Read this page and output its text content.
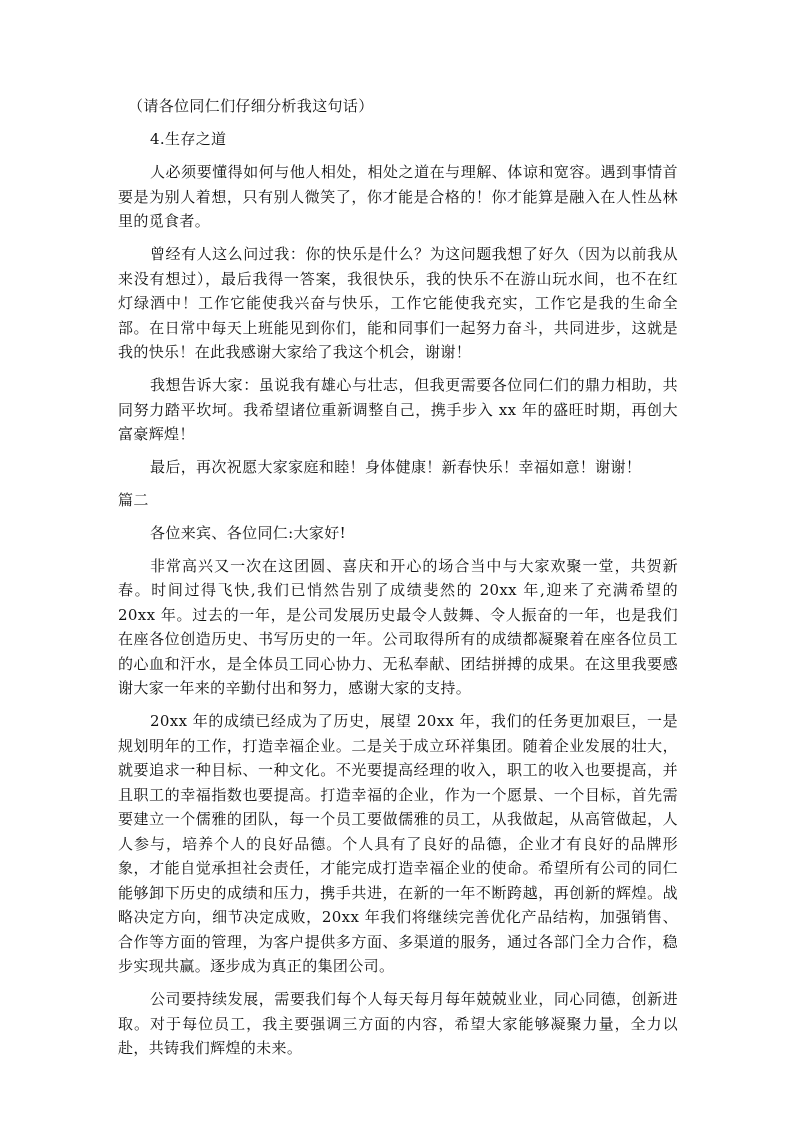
（请各位同仁们仔细分析我这句话）

4.生存之道

人必须要懂得如何与他人相处，相处之道在与理解、体谅和宽容。遇到事情首要是为别人着想，只有别人微笑了，你才能是合格的！你才能算是融入在人性丛林里的觅食者。

曾经有人这么问过我：你的快乐是什么？为这问题我想了好久（因为以前我从来没有想过），最后我得一答案，我很快乐，我的快乐不在游山玩水间，也不在红灯绿酒中！工作它能使我兴奋与快乐，工作它能使我充实，工作它是我的生命全部。在日常中每天上班能见到你们，能和同事们一起努力奋斗，共同进步，这就是我的快乐！在此我感谢大家给了我这个机会，谢谢！

我想告诉大家：虽说我有雄心与壮志，但我更需要各位同仁们的鼎力相助，共同努力踏平坎坷。我希望诸位重新调整自己，携手步入 xx 年的盛旺时期，再创大富豪辉煌！

最后，再次祝愿大家家庭和睦！身体健康！新春快乐！幸福如意！谢谢！

篇二

各位来宾、各位同仁:大家好!

非常高兴又一次在这团圆、喜庆和开心的场合当中与大家欢聚一堂，共贺新春。时间过得飞快,我们已悄然告别了成绩斐然的 20xx 年,迎来了充满希望的 20xx 年。过去的一年，是公司发展历史最令人鼓舞、令人振奋的一年，也是我们在座各位创造历史、书写历史的一年。公司取得所有的成绩都凝聚着在座各位员工的心血和汗水，是全体员工同心协力、无私奉献、团结拼搏的成果。在这里我要感谢大家一年来的辛勤付出和努力，感谢大家的支持。

20xx 年的成绩已经成为了历史，展望 20xx 年，我们的任务更加艰巨，一是规划明年的工作，打造幸福企业。二是关于成立环祥集团。随着企业发展的壮大，就要追求一种目标、一种文化。不光要提高经理的收入，职工的收入也要提高，并且职工的幸福指数也要提高。打造幸福的企业，作为一个愿景、一个目标，首先需要建立一个儒雅的团队，每一个员工要做儒雅的员工，从我做起，从高管做起，人人参与，培养个人的良好品德。个人具有了良好的品德，企业才有良好的品牌形象，才能自觉承担社会责任，才能完成打造幸福企业的使命。希望所有公司的同仁能够卸下历史的成绩和压力，携手共进，在新的一年不断跨越，再创新的辉煌。战略决定方向，细节决定成败，20xx 年我们将继续完善优化产品结构，加强销售、合作等方面的管理，为客户提供多方面、多渠道的服务，通过各部门全力合作，稳步实现共赢。逐步成为真正的集团公司。

公司要持续发展，需要我们每个人每天每月每年兢兢业业，同心同德，创新进取。对于每位员工，我主要强调三方面的内容，希望大家能够凝聚力量，全力以赴，共铸我们辉煌的未来。
